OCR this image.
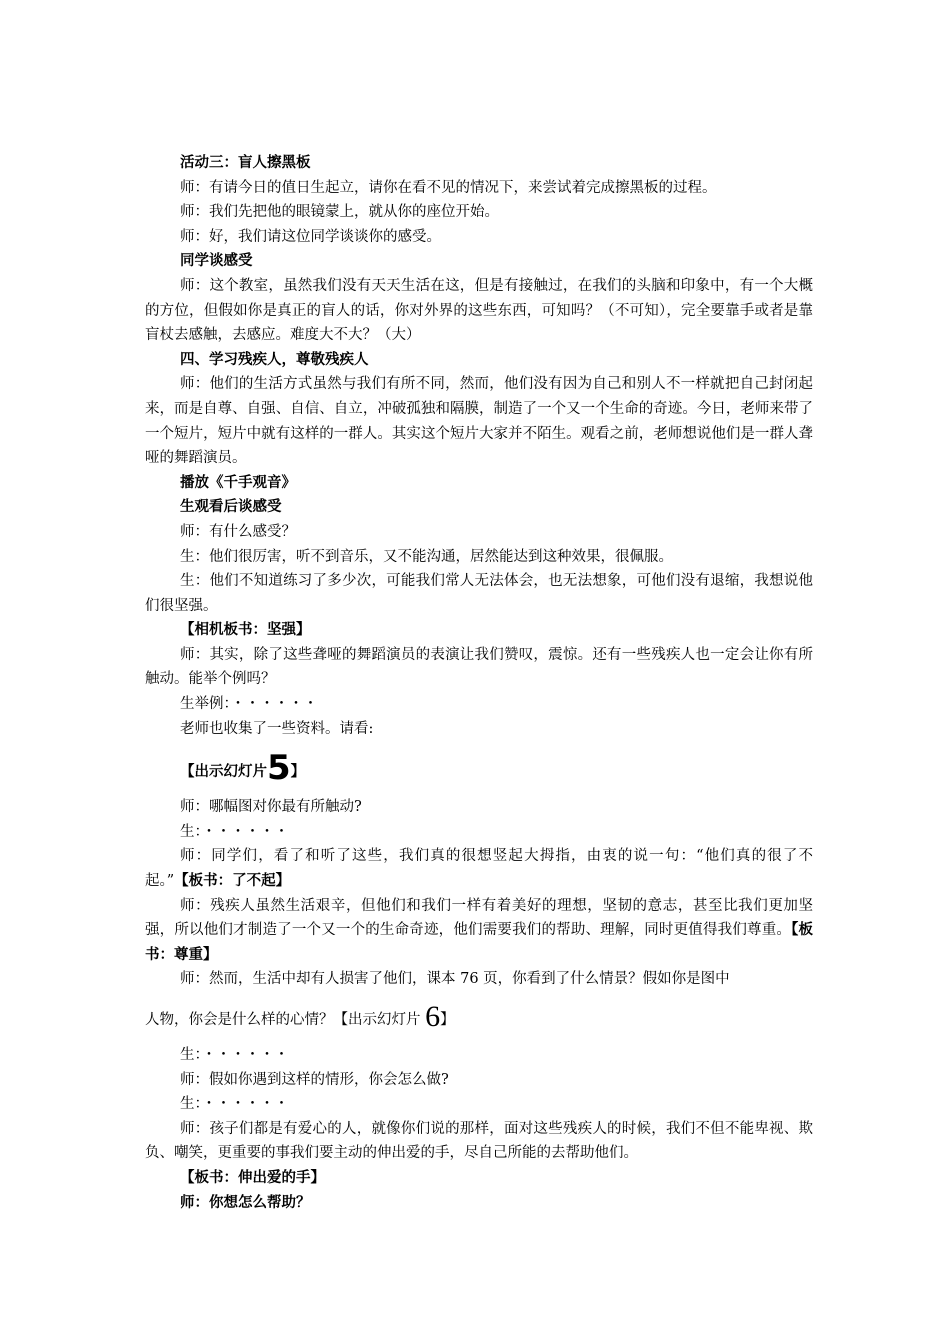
活动三：盲人擦黑板

师：有请今日的值日生起立，请你在看不见的情况下，来尝试着完成擦黑板的过程。

师：我们先把他的眼镜蒙上，就从你的座位开始。

师：好，我们请这位同学谈谈你的感受。

同学谈感受

师：这个教室，虽然我们没有天天生活在这，但是有接触过，在我们的头脑和印象中，有一个大概的方位，但假如你是真正的盲人的话，你对外界的这些东西，可知吗？（不可知），完全要靠手或者是靠盲杖去感触，去感应。难度大不大？（大）

四、学习残疾人，尊敬残疾人

师：他们的生活方式虽然与我们有所不同，然而，他们没有因为自己和别人不一样就把自己封闭起来，而是自尊、自强、自信、自立，冲破孤独和隔膜，制造了一个又一个生命的奇迹。今日，老师来带了一个短片，短片中就有这样的一群人。其实这个短片大家并不陌生。观看之前，老师想说他们是一群人聋哑的舞蹈演员。

播放《千手观音》

生观看后谈感受

师：有什么感受？

生：他们很厉害，听不到音乐，又不能沟通，居然能达到这种效果，很佩服。

生：他们不知道练习了多少次，可能我们常人无法体会，也无法想象，可他们没有退缩，我想说他们很坚强。

【相机板书：坚强】

师：其实，除了这些聋哑的舞蹈演员的表演让我们赞叹，震惊。还有一些残疾人也一定会让你有所触动。能举个例吗？

生举例：・・・・・・

老师也收集了一些资料。请看:

【出示幻灯片5】

师：哪幅图对你最有所触动?

生：・・・・・・

师：同学们，看了和听了这些，我们真的很想竖起大拇指，由衷的说一句：“他们真的很了不起。”【板书：了不起】

师：残疾人虽然生活艰辛，但他们和我们一样有着美好的理想，坚韧的意志，甚至比我们更加坚强，所以他们才制造了一个又一个的生命奇迹，他们需要我们的帮助、理解，同时更值得我们尊重。【板书：尊重】

师：然而，生活中却有人损害了他们，课本 76 页，你看到了什么情景？假如你是图中

人物，你会是什么样的心情？【出示幻灯片 6】

生：・・・・・・

师：假如你遇到这样的情形，你会怎么做?

生：・・・・・・

师：孩子们都是有爱心的人，就像你们说的那样，面对这些残疾人的时候，我们不但不能卑视、欺负、嘲笑，更重要的事我们要主动的伸出爱的手，尽自己所能的去帮助他们。

【板书：伸出爱的手】

师：你想怎么帮助？
